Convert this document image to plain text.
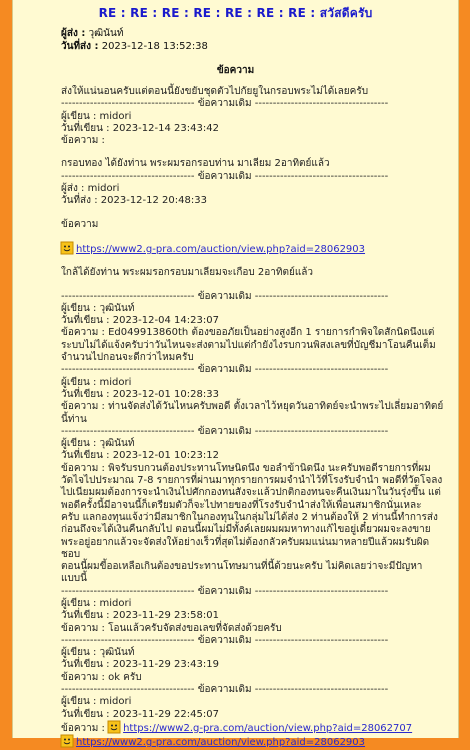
RE : RE : RE : RE : RE : RE : RE : สวัสดีครับ
ผู้ส่ง : วุฒินันท์
วันที่ส่ง : 2023-12-18 13:52:38
ข้อความ

ส่งให้แน่นอนครับแต่ตอนนี้ยังขยับชุดตัวไปกัยยูในกรอบพระไม่ได้เลยครับ

------------------------------------- ข้อความเดิม -------------------------------------

ผู้เขียน : midori

วันที่เขียน : 2023-12-14 23:43:42

ข้อความ :

กรอบทอง ได้ยังท่าน พระผมรอกรอบท่าน มาเลียม 2อาทิตย์แล้ว

------------------------------------- ข้อความเดิม -------------------------------------

ผู้ส่ง : midori

วันที่ส่ง : 2023-12-12 20:48:33

ข้อความ

https://www2.g-pra.com/auction/view.php?aid=28062903

ใกล้ได้ยังท่าน พระผมรอกรอบมาเลียมจะเกือบ 2อาทิตย์แล้ว

------------------------------------- ข้อความเดิม -------------------------------------

ผู้เขียน : วุฒินันท์

วันที่เขียน : 2023-12-04 14:23:07

ข้อความ : Ed049913860th ต้องขออภัยเป็นอย่างสูงอีก 1 รายการกำพิจใดสักนิดนึงแต่

ระบบไม่ได้แจ้งครับว่าวันไหนจะส่งตามไปแต่กำยังไงรบกวนพิสงเลขที่บัญชีมาโอนคืนเต็ม

จำนวนไปกอนจะดีกว่าไหมครับ

------------------------------------- ข้อความเดิม -------------------------------------

ผู้เขียน : midori

วันที่เขียน : 2023-12-01 10:28:33

ข้อความ : ท่านจัดส่งได้วันไหนครับพอดี ตั้งเวลาไว้หยุดวันอาทิตย์จะนำพระไปเลี่ยมอาทิตย์

นี้ท่าน

------------------------------------- ข้อความเดิม -------------------------------------

ผู้เขียน : วุฒินันท์

วันที่เขียน : 2023-12-01 10:23:12

ข้อความ : พิจรับรบกวนต้องประทานโทษนิดนึง ขอลำข้านิดนึง นะครับพอดีรายการที่ผม

วัดไจไปประมาณ 7-8 รายการที่ผ่านมาทุกรายการผมจำนำไว้ที่โรงรับจำนำ พอดีที่วัดโจลง

ไปเนียมผมต้องการจะนำเงินไปศักกองทนสังจะแล้วปกติกองทนจะคืนเงินมาในวันรุ่งขึ้น แต่

พอดีครั้งนี้มีอาจนนี้ก็เตรียมตัวก็จะไปทายของที่โรงรับจำนำส่งให้เพื่อนสมาชิกนั่นเหละ

ครับ แลกองทุนแจ้งว่ามีสมาชิกในกองทุนในกลุ่มไม่ได้ส่ง 2 ท่านต้องให้ 2 ท่านนี้ทำการส่ง

ก่อนถึงจะได้เงินคืนกลับไป ตอนนี้ผมไม่มีทั้งค์เลยผมผมหาทางแก้ไขอยู่เดี๋ยวผมจะลงขาย

พระอยู่อยากแล้วจะจัดส่งให้อย่างเร็วที่สุดไม่ต้องกลัวครับผมแน่นมาหลายปีแล้วผมรับผิดชอบ

ตอนนี้ผมขี้ออเหลือเกินต้องขอประทานโทษมานที่นี้ด้วยนะครับ ไม่คิดเลยว่าจะมีปัญหา

แบบนี้

------------------------------------- ข้อความเดิม -------------------------------------

ผู้เขียน : midori

วันที่เขียน : 2023-11-29 23:58:01

ข้อความ : โอนแล้วครับจัดส่งขอเลขที่จัดส่งด้วยครับ

------------------------------------- ข้อความเดิม -------------------------------------

ผู้เขียน : วุฒินันท์

วันที่เขียน : 2023-11-29 23:43:19

ข้อความ : ok ครับ

------------------------------------- ข้อความเดิม -------------------------------------

ผู้เขียน : midori

วันที่เขียน : 2023-11-29 22:45:07

ข้อความ : https://www2.g-pra.com/auction/view.php?aid=28062707

https://www2.g-pra.com/auction/view.php?aid=28062903
